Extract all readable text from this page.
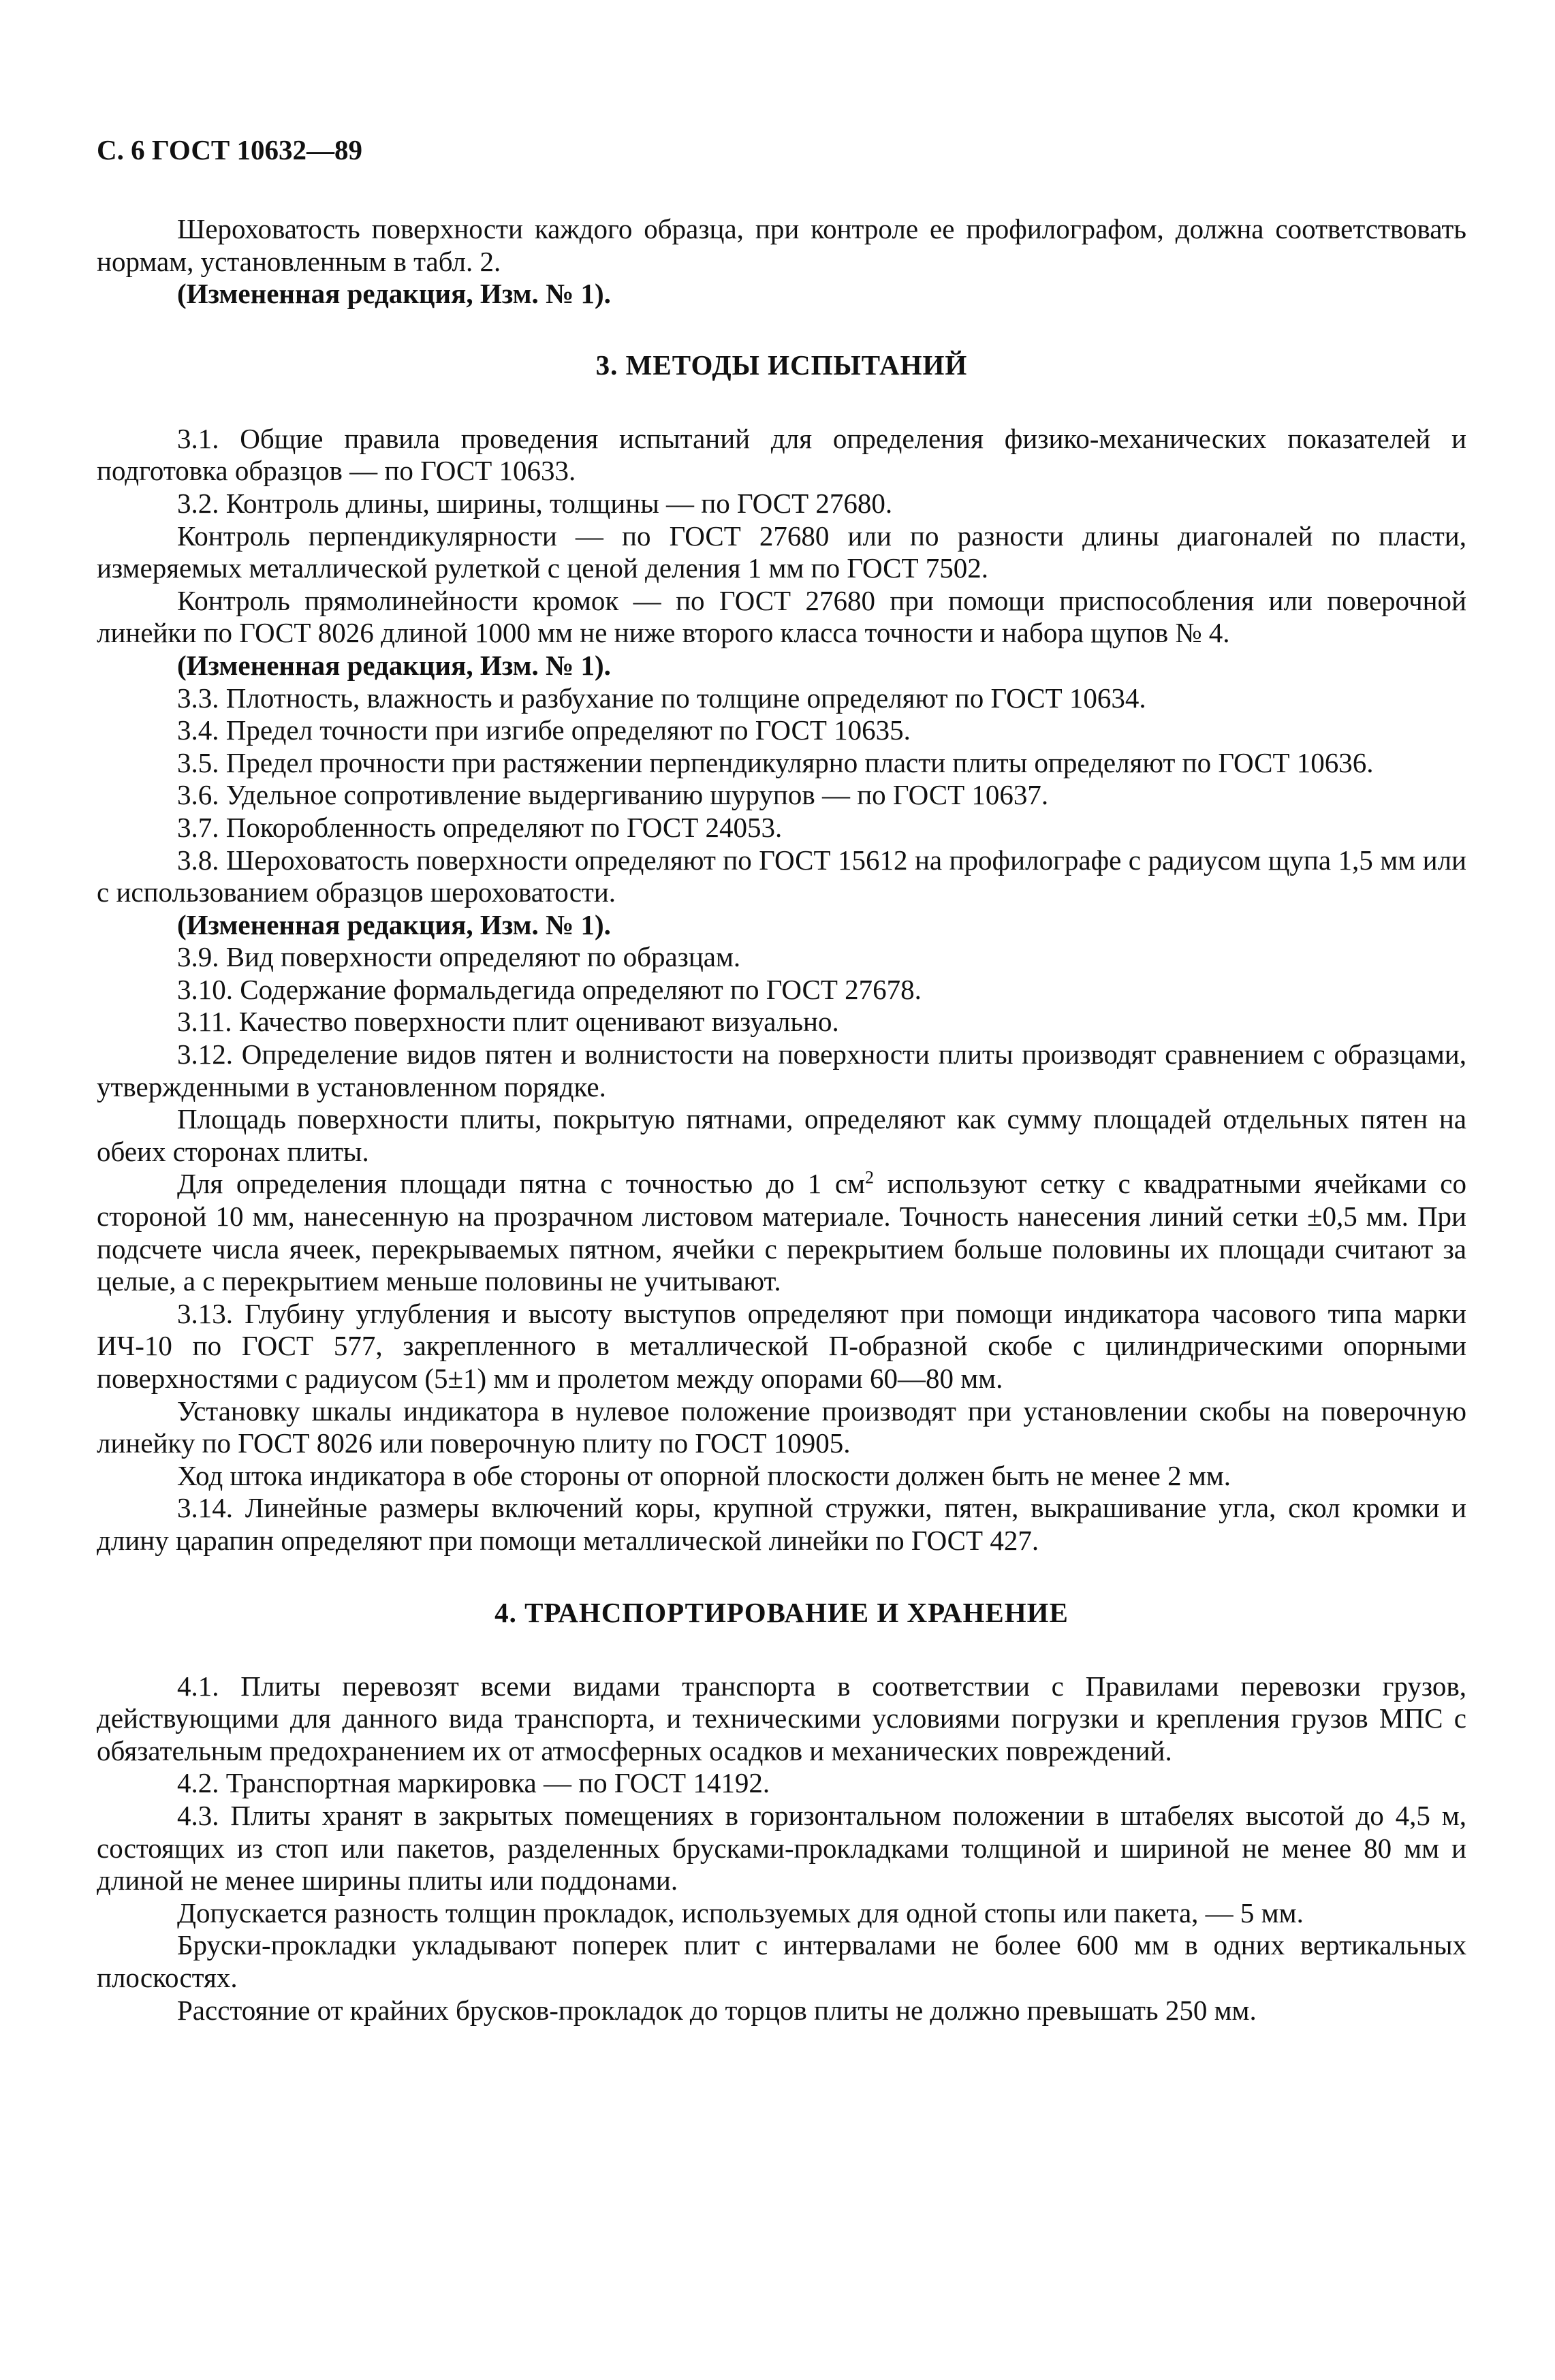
С. 6 ГОСТ 10632—89

Шероховатость поверхности каждого образца, при контроле ее профилографом, должна соответствовать нормам, установленным в табл. 2.

(Измененная редакция, Изм. № 1).

3. МЕТОДЫ ИСПЫТАНИЙ

3.1. Общие правила проведения испытаний для определения физико-механических показателей и подготовка образцов — по ГОСТ 10633.

3.2. Контроль длины, ширины, толщины — по ГОСТ 27680.

Контроль перпендикулярности — по ГОСТ 27680 или по разности длины диагоналей по пласти, измеряемых металлической рулеткой с ценой деления 1 мм по ГОСТ 7502.

Контроль прямолинейности кромок — по ГОСТ 27680 при помощи приспособления или поверочной линейки по ГОСТ 8026 длиной 1000 мм не ниже второго класса точности и набора щупов № 4.

(Измененная редакция, Изм. № 1).

3.3. Плотность, влажность и разбухание по толщине определяют по ГОСТ 10634.

3.4. Предел точности при изгибе определяют по ГОСТ 10635.

3.5. Предел прочности при растяжении перпендикулярно пласти плиты определяют по ГОСТ 10636.

3.6. Удельное сопротивление выдергиванию шурупов — по ГОСТ 10637.

3.7. Покоробленность определяют по ГОСТ 24053.

3.8. Шероховатость поверхности определяют по ГОСТ 15612 на профилографе с радиусом щупа 1,5 мм или с использованием образцов шероховатости.

(Измененная редакция, Изм. № 1).

3.9. Вид поверхности определяют по образцам.

3.10. Содержание формальдегида определяют по ГОСТ 27678.

3.11. Качество поверхности плит оценивают визуально.

3.12. Определение видов пятен и волнистости на поверхности плиты производят сравнением с образцами, утвержденными в установленном порядке.

Площадь поверхности плиты, покрытую пятнами, определяют как сумму площадей отдельных пятен на обеих сторонах плиты.

Для определения площади пятна с точностью до 1 $см^2$ используют сетку с квадратными ячейками со стороной 10 мм, нанесенную на прозрачном листовом материале. Точность нанесения линий сетки ±0,5 мм. При подсчете числа ячеек, перекрываемых пятном, ячейки с перекрытием больше половины их площади считают за целые, а с перекрытием меньше половины не учитывают.

3.13. Глубину углубления и высоту выступов определяют при помощи индикатора часового типа марки ИЧ-10 по ГОСТ 577, закрепленного в металлической П-образной скобе с цилиндрическими опорными поверхностями с радиусом (5±1) мм и пролетом между опорами 60—80 мм.

Установку шкалы индикатора в нулевое положение производят при установлении скобы на поверочную линейку по ГОСТ 8026 или поверочную плиту по ГОСТ 10905.

Ход штока индикатора в обе стороны от опорной плоскости должен быть не менее 2 мм.

3.14. Линейные размеры включений коры, крупной стружки, пятен, выкрашивание угла, скол кромки и длину царапин определяют при помощи металлической линейки по ГОСТ 427.

4. ТРАНСПОРТИРОВАНИЕ И ХРАНЕНИЕ

4.1. Плиты перевозят всеми видами транспорта в соответствии с Правилами перевозки грузов, действующими для данного вида транспорта, и техническими условиями погрузки и крепления грузов МПС с обязательным предохранением их от атмосферных осадков и механических повреждений.

4.2. Транспортная маркировка — по ГОСТ 14192.

4.3. Плиты хранят в закрытых помещениях в горизонтальном положении в штабелях высотой до 4,5 м, состоящих из стоп или пакетов, разделенных брусками-прокладками толщиной и шириной не менее 80 мм и длиной не менее ширины плиты или поддонами.

Допускается разность толщин прокладок, используемых для одной стопы или пакета, — 5 мм.

Бруски-прокладки укладывают поперек плит с интервалами не более 600 мм в одних вертикальных плоскостях.

Расстояние от крайних брусков-прокладок до торцов плиты не должно превышать 250 мм.
